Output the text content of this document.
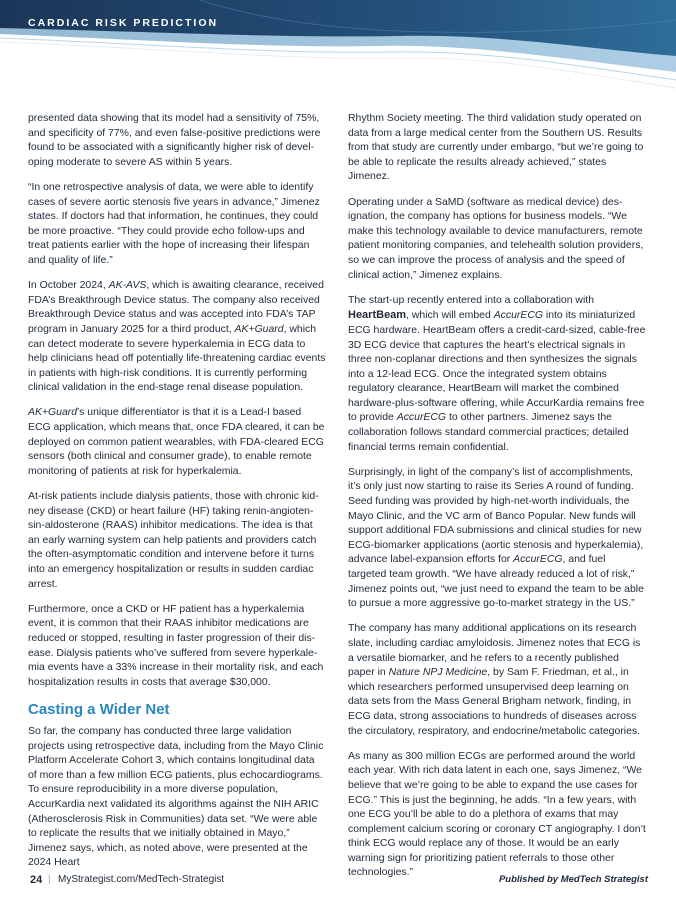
CARDIAC RISK PREDICTION

presented data showing that its model had a sensitivity of 75%, and specificity of 77%, and even false-positive predictions were found to be associated with a significantly higher risk of developing moderate to severe AS within 5 years.

“In one retrospective analysis of data, we were able to identify cases of severe aortic stenosis five years in advance,” Jimenez states. If doctors had that information, he continues, they could be more proactive. “They could provide echo follow-ups and treat patients earlier with the hope of increasing their lifespan and quality of life.”

In October 2024, AK-AVS, which is awaiting clearance, received FDA’s Breakthrough Device status. The company also received Breakthrough Device status and was accepted into FDA’s TAP program in January 2025 for a third product, AK+Guard, which can detect moderate to severe hyperkalemia in ECG data to help clinicians head off potentially life-threatening cardiac events in patients with high-risk conditions. It is currently performing clinical validation in the end-stage renal disease population.

AK+Guard’s unique differentiator is that it is a Lead-I based ECG application, which means that, once FDA cleared, it can be deployed on common patient wearables, with FDA-cleared ECG sensors (both clinical and consumer grade), to enable remote monitoring of patients at risk for hyperkalemia.

At-risk patients include dialysis patients, those with chronic kidney disease (CKD) or heart failure (HF) taking renin-angiotensin-aldosterone (RAAS) inhibitor medications. The idea is that an early warning system can help patients and providers catch the often-asymptomatic condition and intervene before it turns into an emergency hospitalization or results in sudden cardiac arrest.

Furthermore, once a CKD or HF patient has a hyperkalemia event, it is common that their RAAS inhibitor medications are reduced or stopped, resulting in faster progression of their disease. Dialysis patients who’ve suffered from severe hyperkalemia events have a 33% increase in their mortality risk, and each hospitalization results in costs that average $30,000.

Casting a Wider Net

So far, the company has conducted three large validation projects using retrospective data, including from the Mayo Clinic Platform Accelerate Cohort 3, which contains longitudinal data of more than a few million ECG patients, plus echocardiograms. To ensure reproducibility in a more diverse population, AccurKardia next validated its algorithms against the NIH ARIC (Atherosclerosis Risk in Communities) data set. “We were able to replicate the results that we initially obtained in Mayo,” Jimenez says, which, as noted above, were presented at the 2024 Heart

Rhythm Society meeting. The third validation study operated on data from a large medical center from the Southern US. Results from that study are currently under embargo, “but we’re going to be able to replicate the results already achieved,” states Jimenez.

Operating under a SaMD (software as medical device) designation, the company has options for business models. “We make this technology available to device manufacturers, remote patient monitoring companies, and telehealth solution providers, so we can improve the process of analysis and the speed of clinical action,” Jimenez explains.

The start-up recently entered into a collaboration with HeartBeam, which will embed AccurECG into its miniaturized ECG hardware. HeartBeam offers a credit-card-sized, cable-free 3D ECG device that captures the heart’s electrical signals in three non-coplanar directions and then synthesizes the signals into a 12-lead ECG. Once the integrated system obtains regulatory clearance, HeartBeam will market the combined hardware-plus-software offering, while AccurKardia remains free to provide AccurECG to other partners. Jimenez says the collaboration follows standard commercial practices; detailed financial terms remain confidential.

Surprisingly, in light of the company’s list of accomplishments, it’s only just now starting to raise its Series A round of funding. Seed funding was provided by high-net-worth individuals, the Mayo Clinic, and the VC arm of Banco Popular. New funds will support additional FDA submissions and clinical studies for new ECG-biomarker applications (aortic stenosis and hyperkalemia), advance label-expansion efforts for AccurECG, and fuel targeted team growth. “We have already reduced a lot of risk,” Jimenez points out, “we just need to expand the team to be able to pursue a more aggressive go-to-market strategy in the US.”

The company has many additional applications on its research slate, including cardiac amyloidosis. Jimenez notes that ECG is a versatile biomarker, and he refers to a recently published paper in Nature NPJ Medicine, by Sam F. Friedman, et al., in which researchers performed unsupervised deep learning on data sets from the Mass General Brigham network, finding, in ECG data, strong associations to hundreds of diseases across the circulatory, respiratory, and endocrine/metabolic categories.

As many as 300 million ECGs are performed around the world each year. With rich data latent in each one, says Jimenez, “We believe that we’re going to be able to expand the use cases for ECG.” This is just the beginning, he adds. “In a few years, with one ECG you’ll be able to do a plethora of exams that may complement calcium scoring or coronary CT angiography. I don’t think ECG would replace any of those. It would be an early warning sign for prioritizing patient referrals to those other technologies.”

24 | MyStrategist.com/MedTech-Strategist	Published by MedTech Strategist
